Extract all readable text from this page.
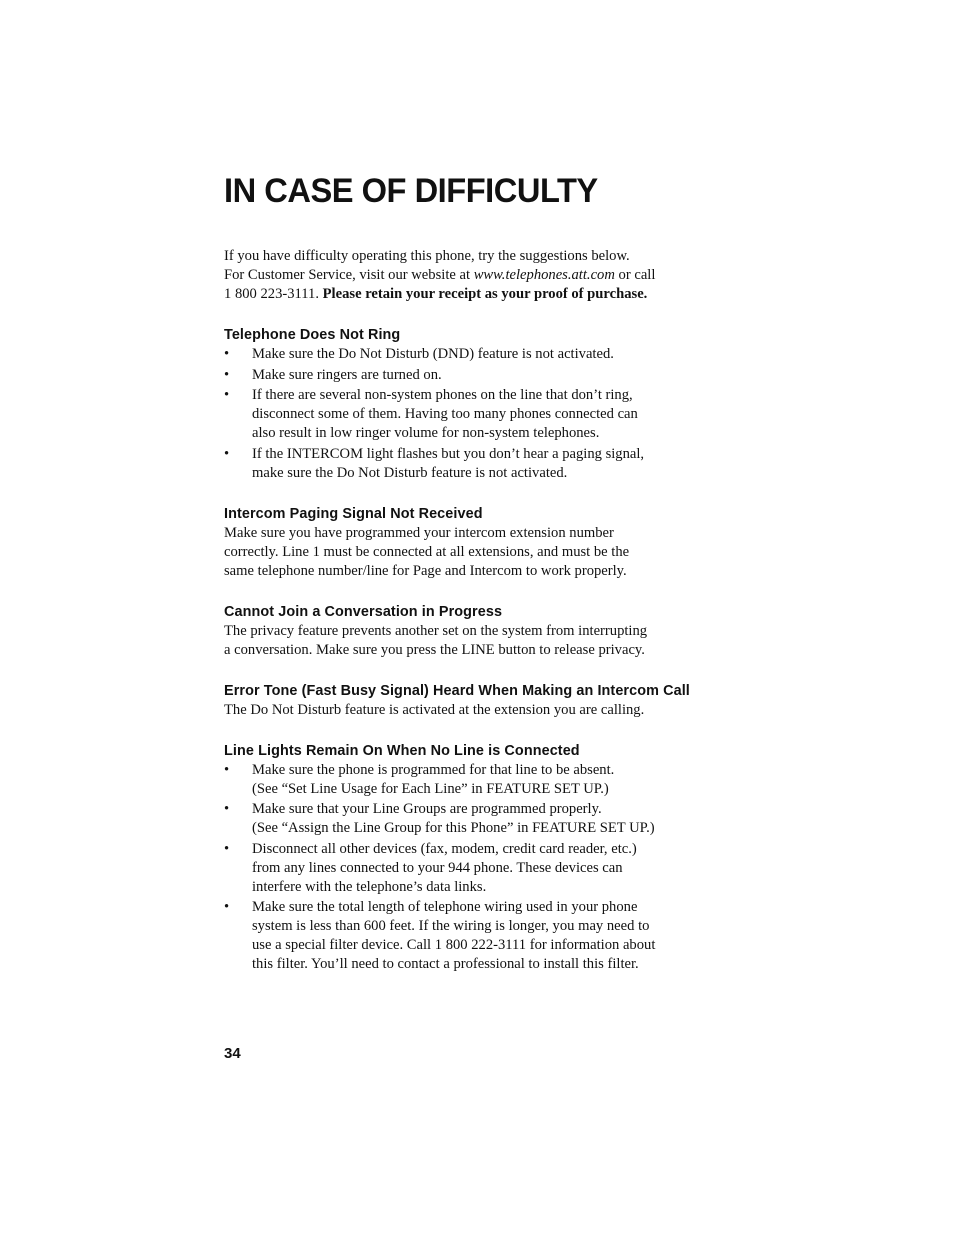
IN CASE OF DIFFICULTY
If you have difficulty operating this phone, try the suggestions below.
For Customer Service, visit our website at www.telephones.att.com or call
1 800 223-3111. Please retain your receipt as your proof of purchase.
Telephone Does Not Ring
• Make sure the Do Not Disturb (DND) feature is not activated.
• Make sure ringers are turned on.
• If there are several non-system phones on the line that don’t ring,
disconnect some of them. Having too many phones connected can
also result in low ringer volume for non-system telephones.
• If the INTERCOM light flashes but you don’t hear a paging signal,
make sure the Do Not Disturb feature is not activated.
Intercom Paging Signal Not Received
Make sure you have programmed your intercom extension number
correctly. Line 1 must be connected at all extensions, and must be the
same telephone number/line for Page and Intercom to work properly.
Cannot Join a Conversation in Progress
The privacy feature prevents another set on the system from interrupting
a conversation. Make sure you press the LINE button to release privacy.
Error Tone (Fast Busy Signal) Heard When Making an Intercom Call
The Do Not Disturb feature is activated at the extension you are calling.
Line Lights Remain On When No Line is Connected
• Make sure the phone is programmed for that line to be absent.
(See “Set Line Usage for Each Line” in FEATURE SET UP.)
• Make sure that your Line Groups are programmed properly.
(See “Assign the Line Group for this Phone” in FEATURE SET UP.)
• Disconnect all other devices (fax, modem, credit card reader, etc.)
from any lines connected to your 944 phone. These devices can
interfere with the telephone’s data links.
• Make sure the total length of telephone wiring used in your phone
system is less than 600 feet. If the wiring is longer, you may need to
use a special filter device. Call 1 800 222-3111 for information about
this filter. You’ll need to contact a professional to install this filter.
34
